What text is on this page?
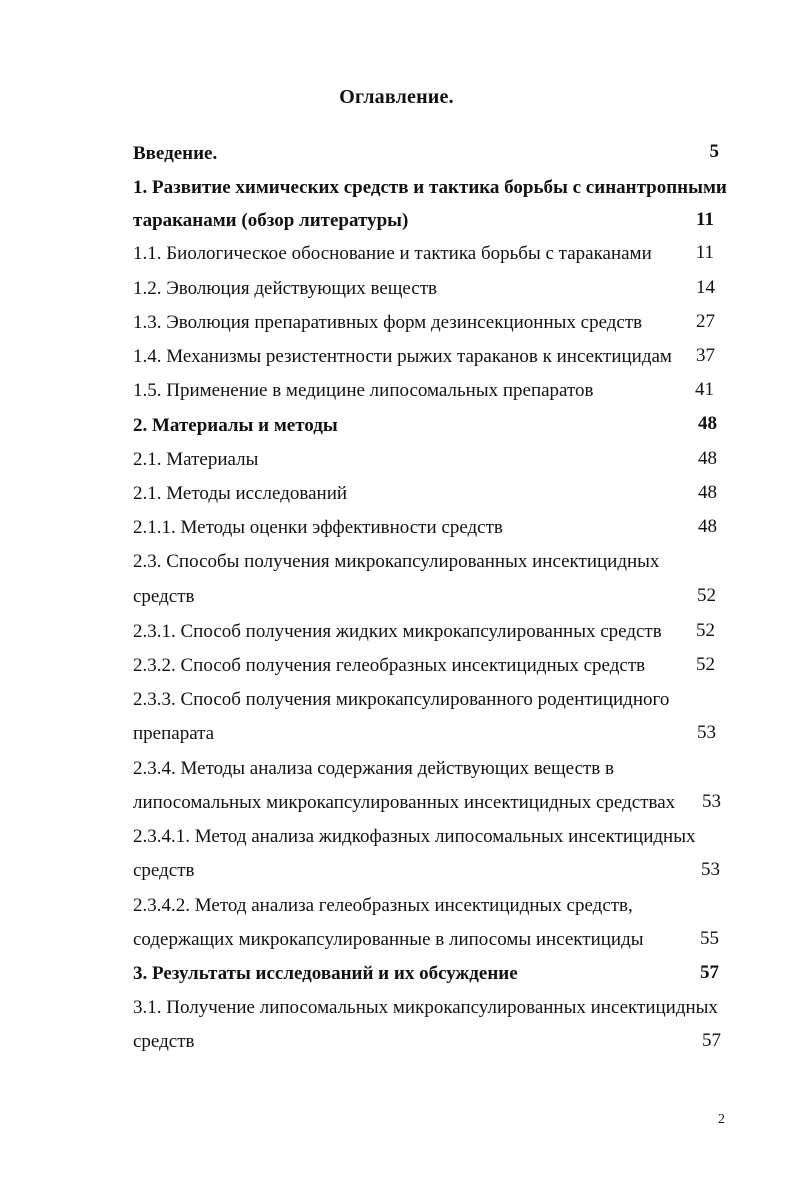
Оглавление.
Введение.	5
1. Развитие химических средств и тактика борьбы с синантропными
тараканами (обзор литературы)	11
1.1. Биологическое обоснование и тактика борьбы с тараканами	11
1.2. Эволюция действующих веществ	14
1.3. Эволюция препаративных форм дезинсекционных средств	27
1.4. Механизмы резистентности рыжих тараканов к инсектицидам	37
1.5. Применение в медицине липосомальных препаратов	41
2. Материалы и методы	48
2.1. Материалы	48
2.1. Методы исследований	48
2.1.1. Методы оценки эффективности средств	48
2.3. Способы получения микрокапсулированных инсектицидных
средств	52
2.3.1. Способ получения жидких микрокапсулированных средств	52
2.3.2. Способ получения гелеобразных инсектицидных средств	52
2.3.3. Способ получения микрокапсулированного родентицидного
препарата	53
2.3.4. Методы анализа содержания действующих веществ в
липосомальных микрокапсулированных инсектицидных средствах	53
2.3.4.1. Метод анализа жидкофазных липосомальных инсектицидных
средств	53
2.3.4.2. Метод анализа гелеобразных инсектицидных средств,
содержащих микрокапсулированные в липосомы инсектициды	55
3. Результаты исследований и их обсуждение	57
3.1. Получение липосомальных микрокапсулированных инсектицидных
средств	57
2
